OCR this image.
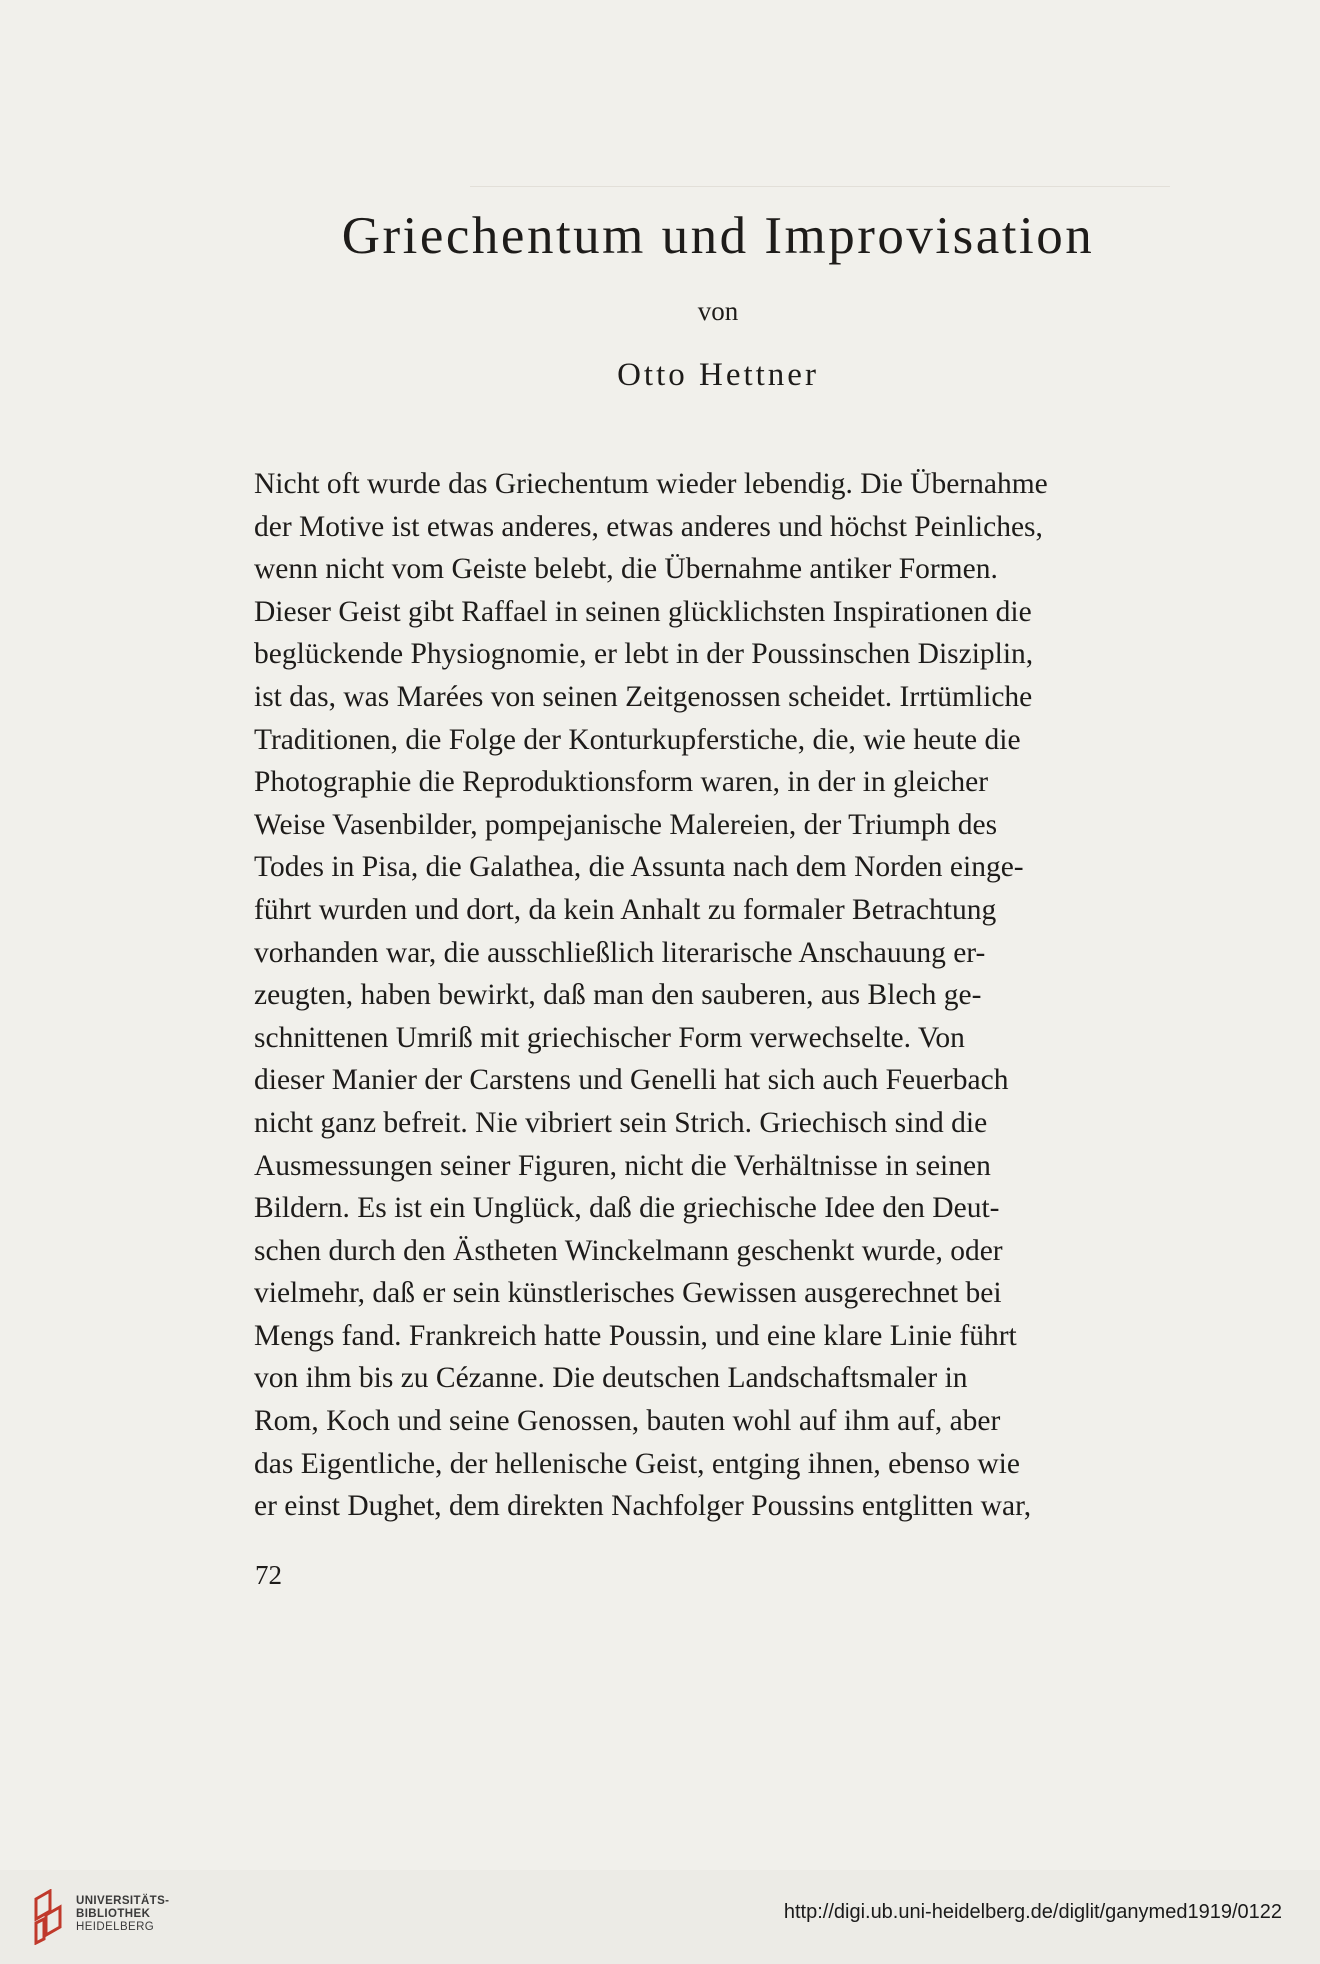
Griechentum und Improvisation
von
Otto Hettner
Nicht oft wurde das Griechentum wieder lebendig. Die Übernahme
der Motive ist etwas anderes, etwas anderes und höchst Peinliches,
wenn nicht vom Geiste belebt, die Übernahme antiker Formen.
Dieser Geist gibt Raffael in seinen glücklichsten Inspirationen die
beglückende Physiognomie, er lebt in der Poussinschen Disziplin,
ist das, was Marées von seinen Zeitgenossen scheidet. Irrtümliche
Traditionen, die Folge der Konturkupferstiche, die, wie heute die
Photographie die Reproduktionsform waren, in der in gleicher
Weise Vasenbilder, pompejanische Malereien, der Triumph des
Todes in Pisa, die Galathea, die Assunta nach dem Norden einge-
führt wurden und dort, da kein Anhalt zu formaler Betrachtung
vorhanden war, die ausschließlich literarische Anschauung er-
zeugten, haben bewirkt, daß man den sauberen, aus Blech ge-
schnittenen Umriß mit griechischer Form verwechselte. Von
dieser Manier der Carstens und Genelli hat sich auch Feuerbach
nicht ganz befreit. Nie vibriert sein Strich. Griechisch sind die
Ausmessungen seiner Figuren, nicht die Verhältnisse in seinen
Bildern. Es ist ein Unglück, daß die griechische Idee den Deut-
schen durch den Ästheten Winckelmann geschenkt wurde, oder
vielmehr, daß er sein künstlerisches Gewissen ausgerechnet bei
Mengs fand. Frankreich hatte Poussin, und eine klare Linie führt
von ihm bis zu Cézanne. Die deutschen Landschaftsmaler in
Rom, Koch und seine Genossen, bauten wohl auf ihm auf, aber
das Eigentliche, der hellenische Geist, entging ihnen, ebenso wie
er einst Dughet, dem direkten Nachfolger Poussins entglitten war,
72
UNIVERSITÄTS-
BIBLIOTHEK
HEIDELBERG
http://digi.ub.uni-heidelberg.de/diglit/ganymed1919/0122
